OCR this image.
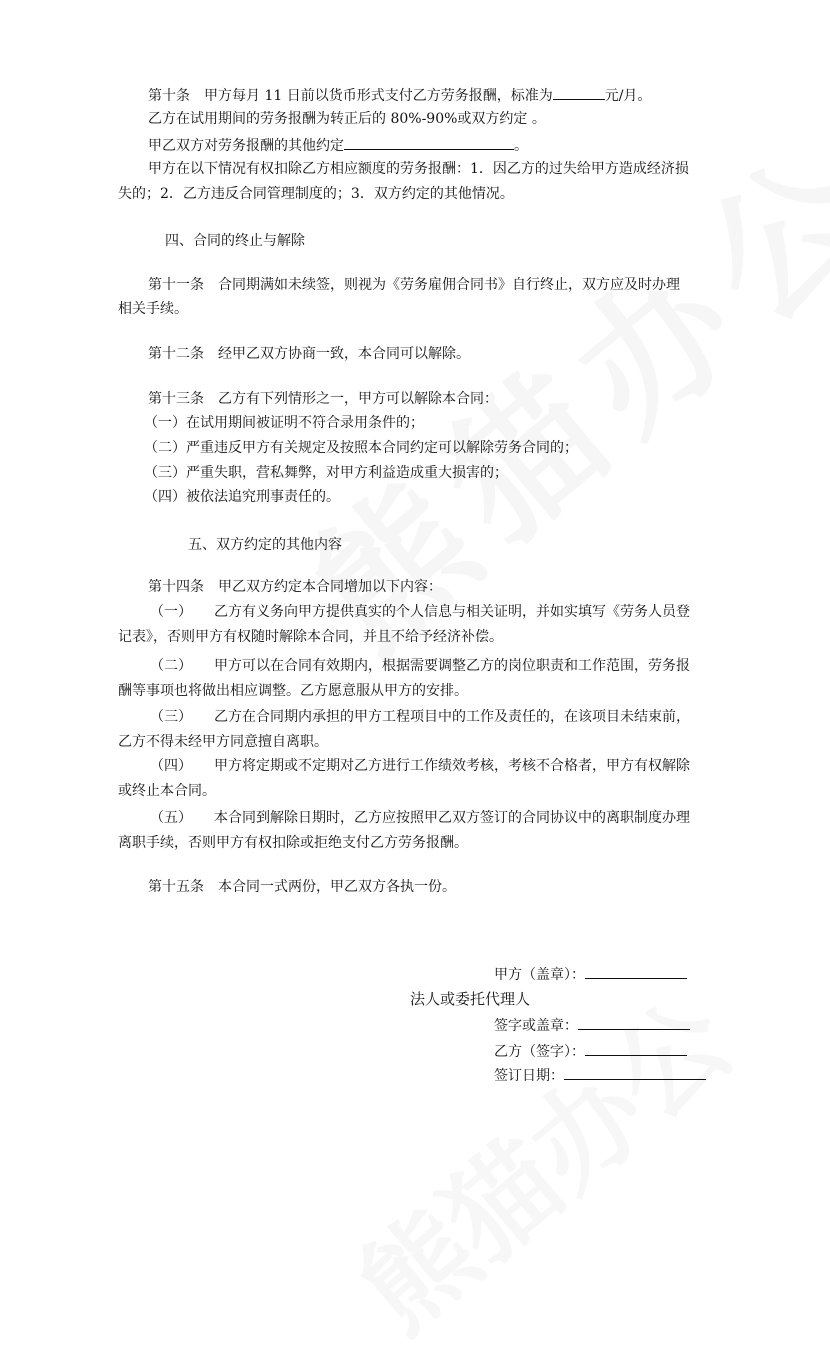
第十条　甲方每月 11 日前以货币形式支付乙方劳务报酬，标准为	元/月。
乙方在试用期间的劳务报酬为转正后的 80%-90%或双方约定 。
甲乙双方对劳务报酬的其他约定	。
甲方在以下情况有权扣除乙方相应额度的劳务报酬：1．因乙方的过失给甲方造成经济损
失的；2．乙方违反合同管理制度的；3．双方约定的其他情况。
四、合同的终止与解除
第十一条　合同期满如未续签，则视为《劳务雇佣合同书》自行终止，双方应及时办理
相关手续。
第十二条　经甲乙双方协商一致，本合同可以解除。
第十三条　乙方有下列情形之一，甲方可以解除本合同：
（一）在试用期间被证明不符合录用条件的；
（二）严重违反甲方有关规定及按照本合同约定可以解除劳务合同的；
（三）严重失职，营私舞弊，对甲方利益造成重大损害的；
（四）被依法追究刑事责任的。
五、双方约定的其他内容
第十四条　甲乙双方约定本合同增加以下内容：
（一） 乙方有义务向甲方提供真实的个人信息与相关证明，并如实填写《劳务人员登
记表》，否则甲方有权随时解除本合同，并且不给予经济补偿。
（二） 甲方可以在合同有效期内，根据需要调整乙方的岗位职责和工作范围，劳务报
酬等事项也将做出相应调整。乙方愿意服从甲方的安排。
（三） 乙方在合同期内承担的甲方工程项目中的工作及责任的，在该项目未结束前，
乙方不得未经甲方同意擅自离职。
（四） 甲方将定期或不定期对乙方进行工作绩效考核，考核不合格者，甲方有权解除
或终止本合同。
（五） 本合同到解除日期时，乙方应按照甲乙双方签订的合同协议中的离职制度办理
离职手续，否则甲方有权扣除或拒绝支付乙方劳务报酬。
第十五条　本合同一式两份，甲乙双方各执一份。
甲方（盖章）：
法人或委托代理人
签字或盖章：
乙方（签字）：
签订日期：
